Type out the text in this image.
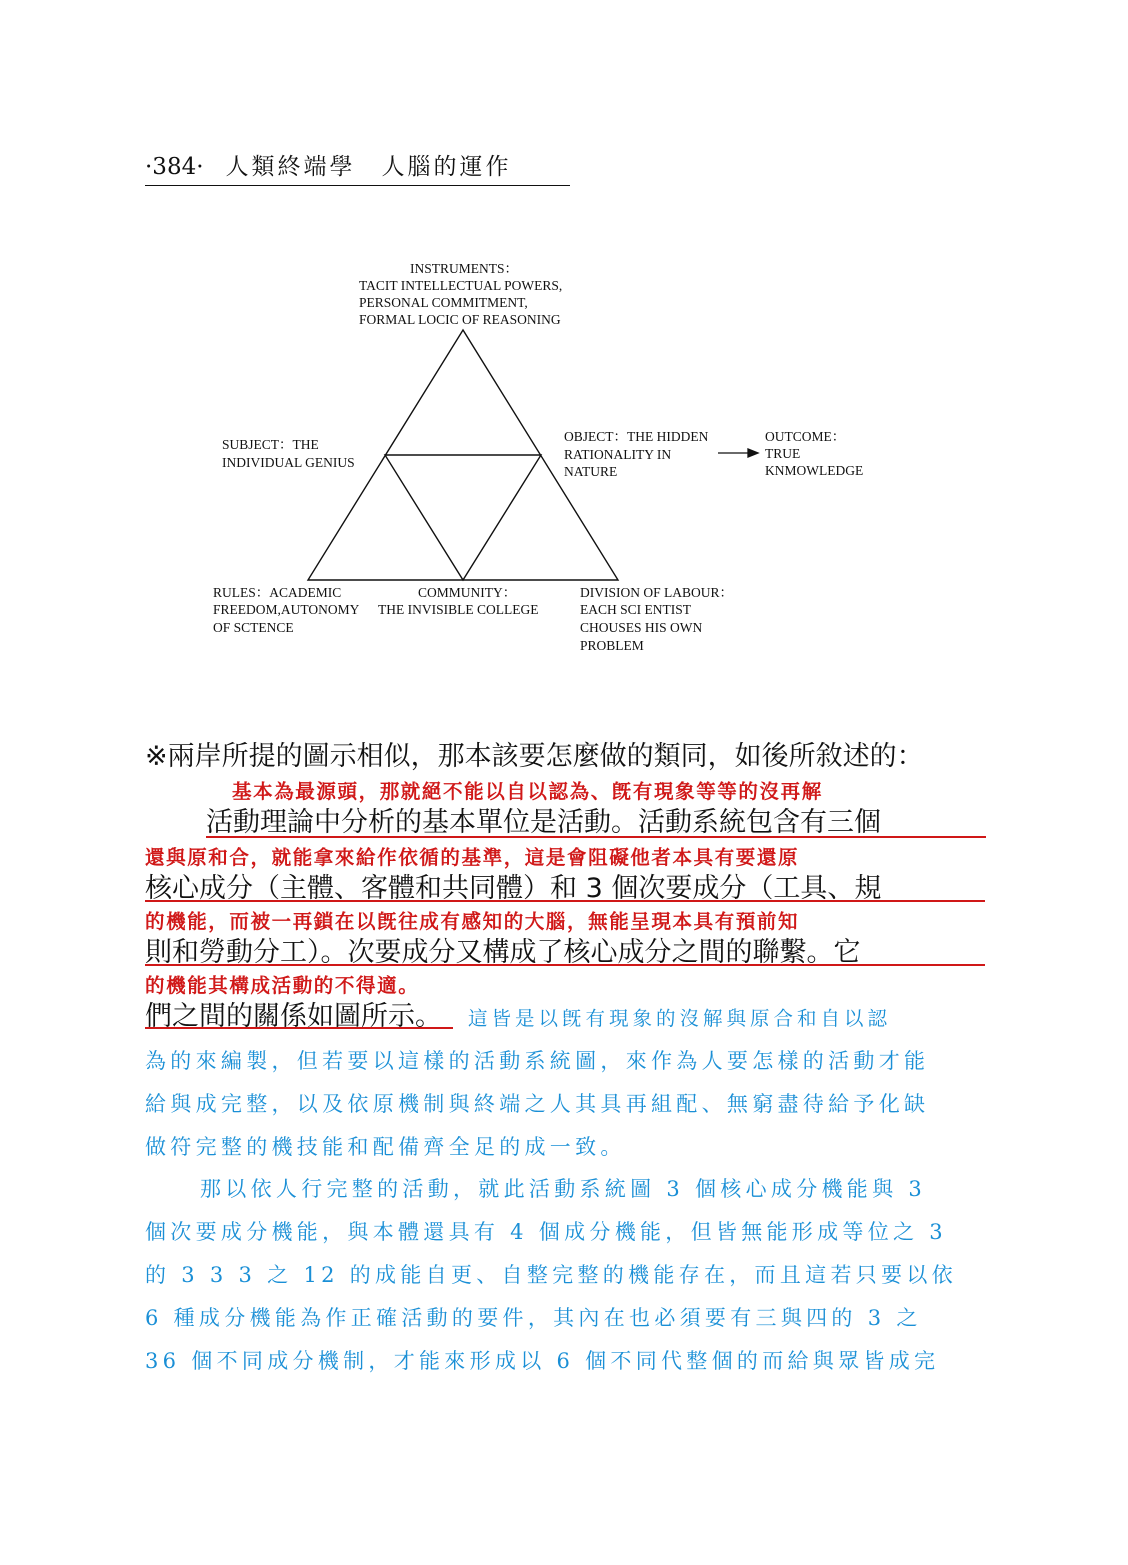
·384· 人類終端學 人腦的運作
INSTRUMENTS：
TACIT INTELLECTUAL POWERS,
PERSONAL COMMITMENT,
FORMAL LOCIC OF REASONING
SUBJECT：THE
INDIVIDUAL GENIUS
OBJECT：THE HIDDEN
RATIONALITY IN
NATURE
OUTCOME：
TRUE
KNMOWLEDGE
RULES：ACADEMIC
FREEDOM,AUTONOMY
OF SCTENCE
COMMUNITY：
THE INVISIBLE COLLEGE
DIVISION OF LABOUR：
EACH SCI ENTIST
CHOUSES HIS OWN
PROBLEM
※兩岸所提的圖示相似，那本該要怎麼做的類同，如後所敘述的：
基本為最源頭，那就絕不能以自以認為、旣有現象等等的沒再解
活動理論中分析的基本單位是活動。活動系統包含有三個
還與原和合，就能拿來給作依循的基準，這是會阻礙他者本具有要還原
核心成分（主體、客體和共同體）和 3 個次要成分（工具、規
的機能，而被一再鎖在以旣往成有感知的大腦，無能呈現本具有預前知
則和勞動分工）。次要成分又構成了核心成分之間的聯繫。它
的機能其構成活動的不得適。
們之間的關係如圖所示。 這皆是以旣有現象的沒解與原合和自以認
為的來編製，但若要以這樣的活動系統圖，來作為人要怎樣的活動才能
給與成完整，以及依原機制與終端之人其具再組配、無窮盡待給予化缺
做符完整的機技能和配備齊全足的成一致。
那以依人行完整的活動，就此活動系統圖 3 個核心成分機能與 3
個次要成分機能，與本體還具有 4 個成分機能，但皆無能形成等位之 3
的 3 3 3 之 12 的成能自更、自整完整的機能存在，而且這若只要以依
6 種成分機能為作正確活動的要件，其內在也必須要有三與四的 3 之
36 個不同成分機制，才能來形成以 6 個不同代整個的而給與眾皆成完
